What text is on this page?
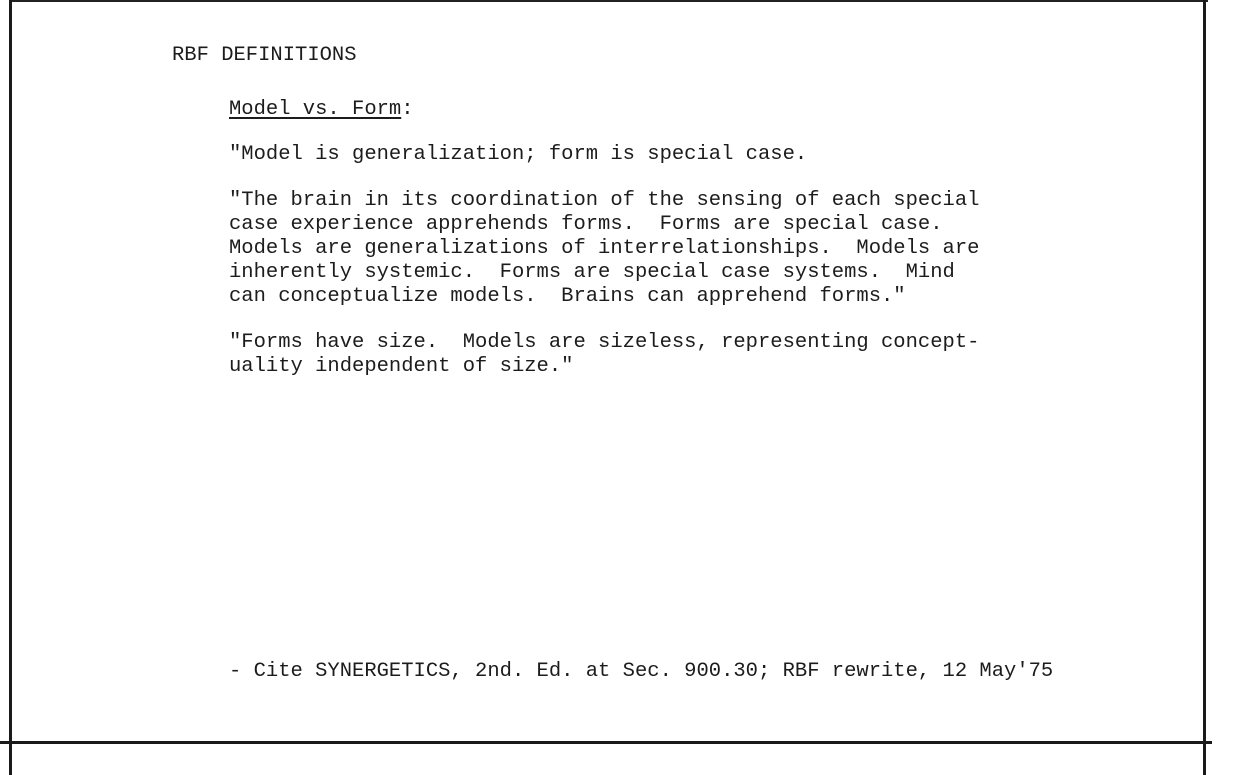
RBF DEFINITIONS
Model vs. Form:
"Model is generalization; form is special case.
"The brain in its coordination of the sensing of each special
case experience apprehends forms.  Forms are special case.
Models are generalizations of interrelationships.  Models are
inherently systemic.  Forms are special case systems.  Mind
can conceptualize models.  Brains can apprehend forms."
"Forms have size.  Models are sizeless, representing concept-
uality independent of size."
- Cite SYNERGETICS, 2nd. Ed. at Sec. 900.30; RBF rewrite, 12 May'75
